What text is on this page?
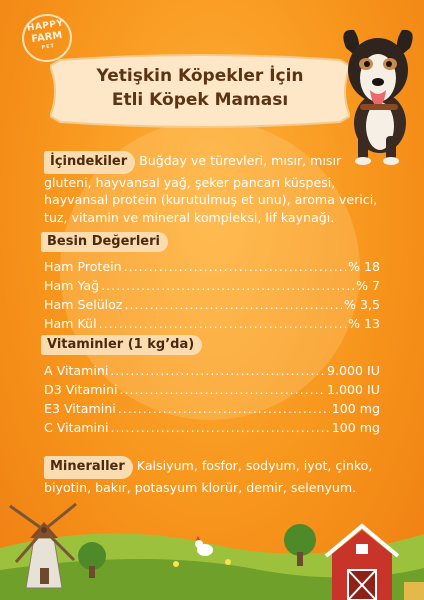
HAPPY
FARM
PET

Yetişkin Köpekler İçin
Etli Köpek Maması

İçindekiler Buğday ve türevleri, mısır, mısır gluteni, hayvansal yağ, şeker pancarı küspesi, hayvansal protein (kurutulmuş et unu), aroma verici, tuz, vitamin ve mineral kompleksi, lif kaynağı.
Besin Değerleri
Ham Protein .....	% 18
Ham Yağ .....	% 7
Ham Selüloz .....	% 3,5
Ham Kül .....	% 13
Vitaminler (1 kg’da)
A Vitamini .....	9.000 IU
D3 Vitamini .....	1.000 IU
E3 Vitamini .....	100 mg
C Vitamini .....	100 mg
Mineraller Kalsiyum, fosfor, sodyum, iyot, çinko, biyotin, bakır, potasyum klorür, demir, selenyum.
